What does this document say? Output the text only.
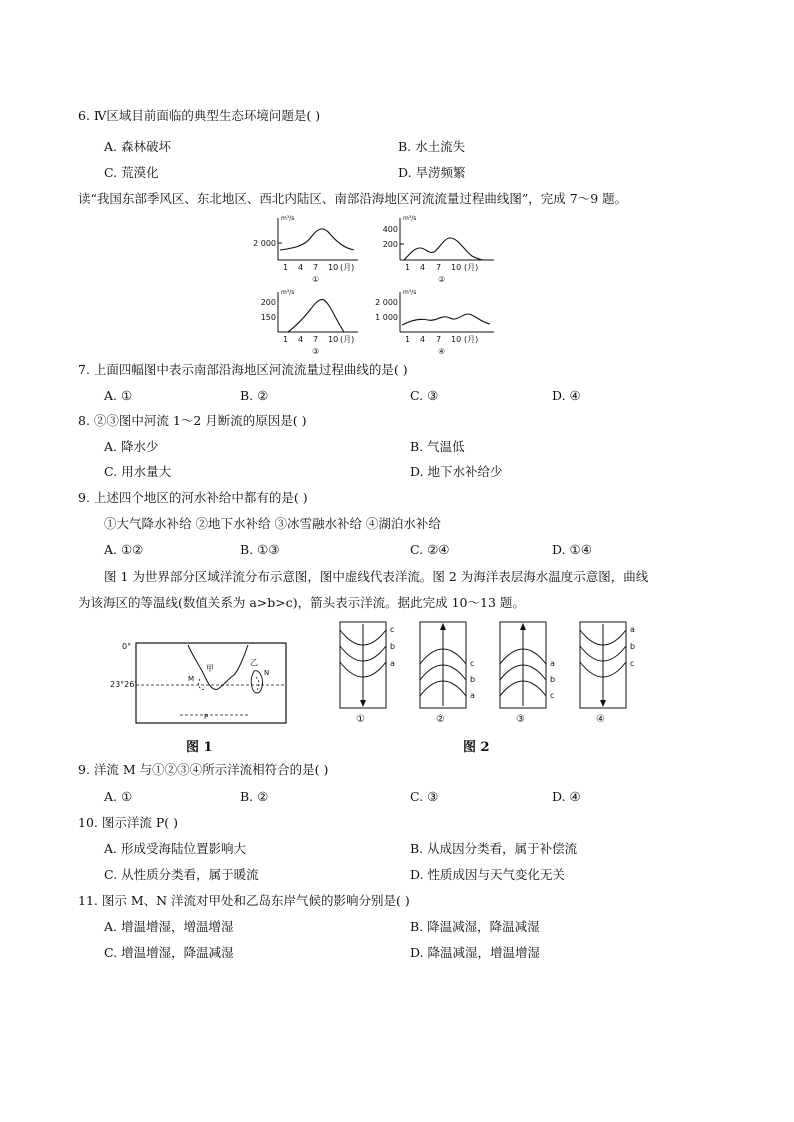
6. Ⅳ区域目前面临的典型生态环境问题是( )
A. 森林破坏	B. 水土流失
C. 荒漠化	D. 旱涝频繁
读“我国东部季风区、东北地区、西北内陆区、南部沿海地区河流流量过程曲线图”，完成 7～9 题。
m³/s
2 000
1 4 7 10 (月)
①
m³/s
400
200
1 4 7 10 (月)
②
m³/s
200
150
1 4 7 10 (月)
③
m³/s
2 000
1 000
1 4 7 10 (月)
④
7. 上面四幅图中表示南部沿海地区河流流量过程曲线的是( )
A. ①	B. ②	C. ③	D. ④
8. ②③图中河流 1～2 月断流的原因是( )
A. 降水少	B. 气温低
C. 用水量大	D. 地下水补给少
9. 上述四个地区的河水补给中都有的是( )
①大气降水补给 ②地下水补给 ③冰雪融水补给 ④湖泊水补给
A. ①②	B. ①③	C. ②④	D. ①④
图 1 为世界部分区域洋流分布示意图，图中虚线代表洋流。图 2 为海洋表层海水温度示意图，曲线
为该海区的等温线(数值关系为 a>b>c)，箭头表示洋流。据此完成 10～13 题。
0°
23°26′
甲
乙
M
N
P
图 1
c
b
a
①
c
b
a
②
a
b
c
③
a
b
c
④
图 2
9. 洋流 M 与①②③④所示洋流相符合的是( )
A. ①	B. ②	C. ③	D. ④
10. 图示洋流 P( )
A. 形成受海陆位置影响大	B. 从成因分类看，属于补偿流
C. 从性质分类看，属于暖流	D. 性质成因与天气变化无关
11. 图示 M、N 洋流对甲处和乙岛东岸气候的影响分别是( )
A. 增温增湿，增温增湿	B. 降温减湿，降温减湿
C. 增温增湿，降温减湿	D. 降温减湿，增温增湿
